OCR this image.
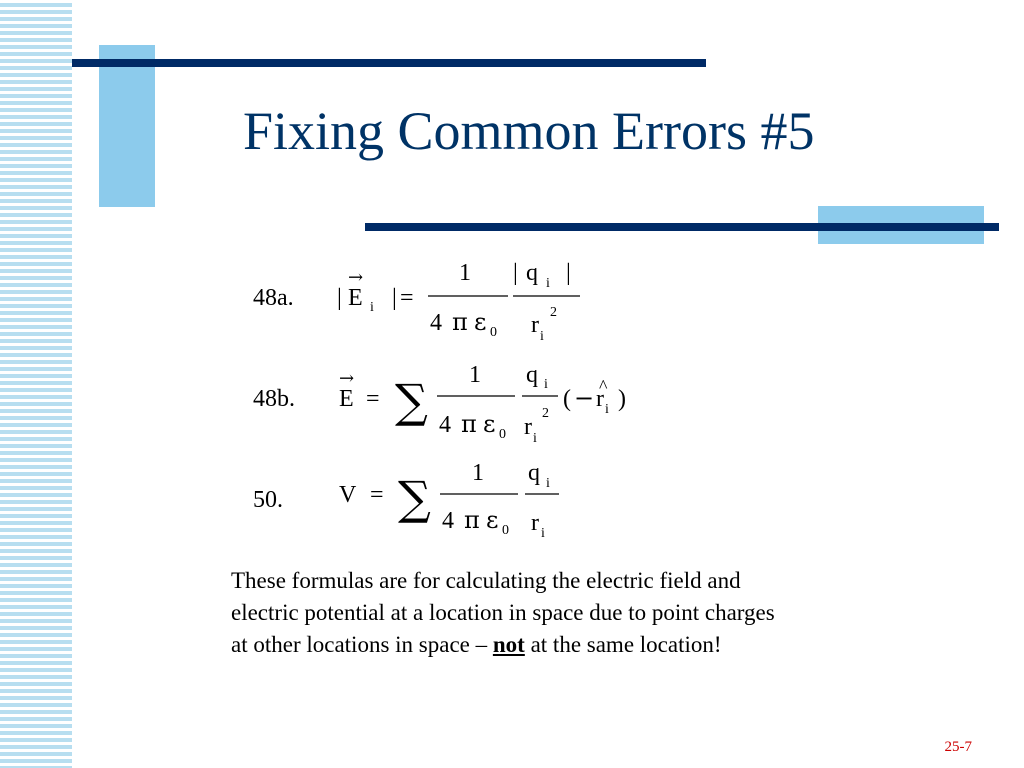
Fixing Common Errors #5
48a. |
→
E i | =
1
4 π ε 0
| q i |
r i
2
48b.
→
E = ∑ 1
4 π ε 0
q i
r i
2
( − ^
r i )
50. V = ∑ 1
4 π ε 0
q i
r i

These formulas are for calculating the electric field and
electric potential at a location in space due to point charges
at other locations in space – not at the same location!

25-7
